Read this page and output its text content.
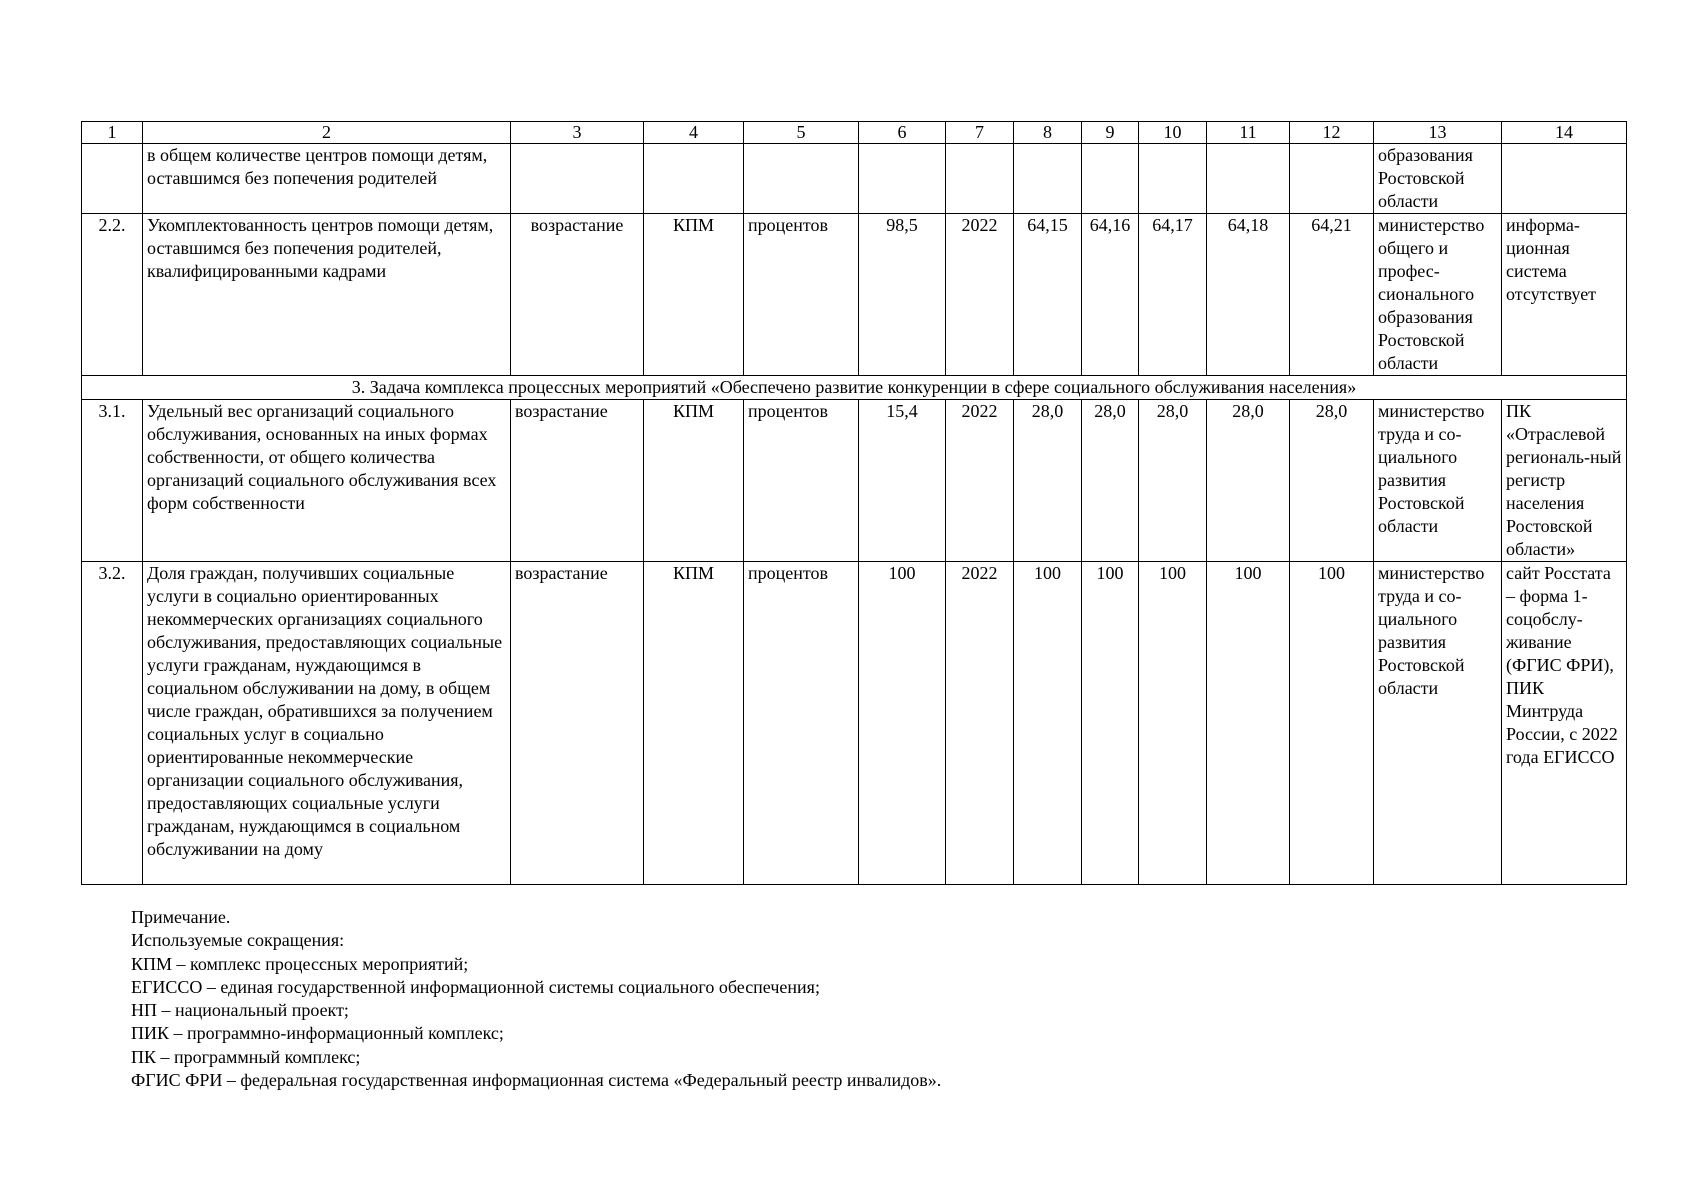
1	2	3	4	5	6	7	8	9	10	11	12	13	14
	в общем количестве центров помощи детям, оставшимся без попечения родителей											образования Ростовской области	
2.2.	Укомплектованность центров помощи детям, оставшимся без попечения родителей, квалифицированными кадрами	возрастание	КПМ	процентов	98,5	2022	64,15	64,16	64,17	64,18	64,21	министерство общего и профес-сионального образования Ростовской области	информа-ционная система отсутствует
3. Задача комплекса процессных мероприятий «Обеспечено развитие конкуренции в сфере социального обслуживания населения»													
3.1.	Удельный вес организаций социального обслуживания, основанных на иных формах собственности, от общего количества организаций социального обслуживания всех форм собственности	возрастание	КПМ	процентов	15,4	2022	28,0	28,0	28,0	28,0	28,0	министерство труда и со-циального развития Ростовской области	ПК «Отраслевой региональ-ный регистр населения Ростовской области»
3.2.	Доля граждан, получивших социальные услуги в социально ориентированных некоммерческих организациях социального обслуживания, предоставляющих социальные услуги гражданам, нуждающимся в социальном обслуживании на дому, в общем числе граждан, обратившихся за получением социальных услуг в социально ориентированные некоммерческие организации социального обслуживания, предоставляющих социальные услуги гражданам, нуждающимся в социальном обслуживании на дому	возрастание	КПМ	процентов	100	2022	100	100	100	100	100	министерство труда и со-циального развития Ростовской области	сайт Росстата – форма 1-соцобслу-живание (ФГИС ФРИ), ПИК Минтруда России, с 2022 года ЕГИССО
Примечание.
Используемые сокращения:
КПМ – комплекс процессных мероприятий;
ЕГИССО – единая государственной информационной системы социального обеспечения;
НП – национальный проект;
ПИК – программно-информационный комплекс;
ПК – программный комплекс;
ФГИС ФРИ – федеральная государственная информационная система «Федеральный реестр инвалидов».
